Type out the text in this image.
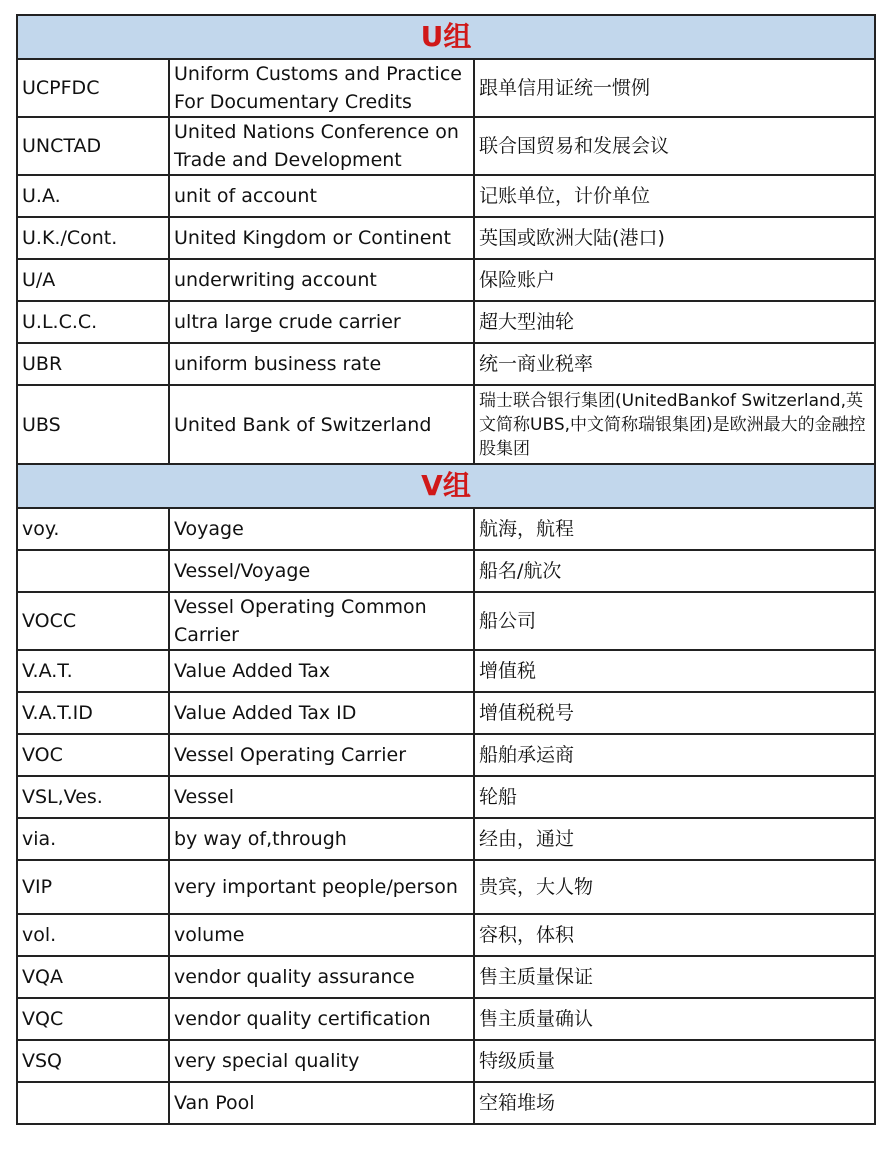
U组		
UCPFDC	Uniform Customs and Practice For Documentary Credits	跟单信用证统一惯例
UNCTAD	United Nations Conference on Trade and Development	联合国贸易和发展会议
U.A.	unit of account	记账单位，计价单位
U.K./Cont.	United Kingdom or Continent	英国或欧洲大陆(港口)
U/A	underwriting account	保险账户
U.L.C.C.	ultra large crude carrier	超大型油轮
UBR	uniform business rate	统一商业税率
UBS	United Bank of Switzerland	瑞士联合银行集团(UnitedBankof Switzerland,英文简称UBS,中文简称瑞银集团)是欧洲最大的金融控股集团
V组		
voy.	Voyage	航海，航程
	Vessel/Voyage	船名/航次
VOCC	Vessel Operating Common Carrier	船公司
V.A.T.	Value Added Tax	增值税
V.A.T.ID	Value Added Tax ID	增值税税号
VOC	Vessel Operating Carrier	船舶承运商
VSL,Ves.	Vessel	轮船
via.	by way of,through	经由，通过
VIP	very important people/person	贵宾，大人物
vol.	volume	容积，体积
VQA	vendor quality assurance	售主质量保证
VQC	vendor quality certification	售主质量确认
VSQ	very special quality	特级质量
	Van Pool	空箱堆场
